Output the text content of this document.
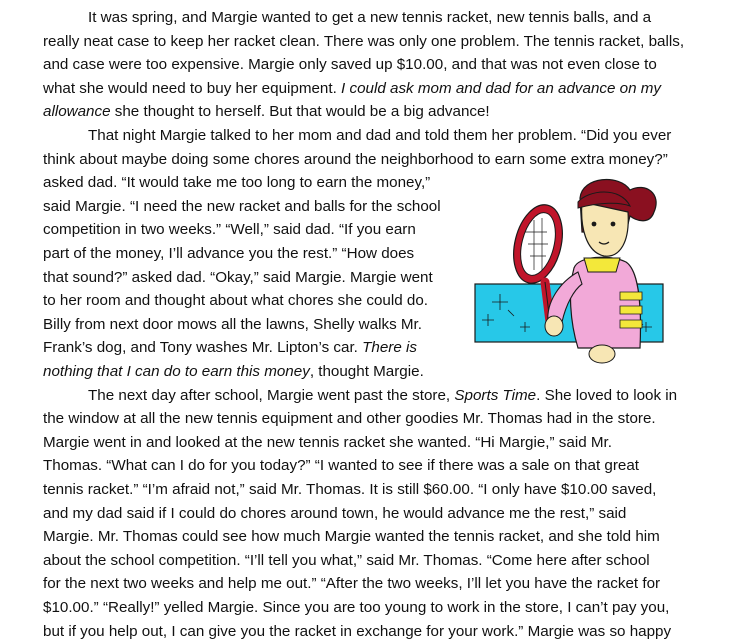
It was spring, and Margie wanted to get a new tennis racket, new tennis balls, and a
really neat case to keep her racket clean. There was only one problem. The tennis racket, balls,
and case were too expensive. Margie only saved up $10.00, and that was not even close to
what she would need to buy her equipment. I could ask mom and dad for an advance on my
allowance she thought to herself. But that would be a big advance!
That night Margie talked to her mom and dad and told them her problem. “Did you ever
think about maybe doing some chores around the neighborhood to earn some extra money?”
asked dad. “It would take me too long to earn the money,”
said Margie. “I need the new racket and balls for the school
competition in two weeks.” “Well,” said dad. “If you earn
part of the money, I’ll advance you the rest.” “How does
that sound?” asked dad. “Okay,” said Margie. Margie went
to her room and thought about what chores she could do.
Billy from next door mows all the lawns, Shelly walks Mr.
Frank’s dog, and Tony washes Mr. Lipton’s car. There is
nothing that I can do to earn this money, thought Margie.
The next day after school, Margie went past the store, Sports Time. She loved to look in
the window at all the new tennis equipment and other goodies Mr. Thomas had in the store.
Margie went in and looked at the new tennis racket she wanted. “Hi Margie,” said Mr.
Thomas. “What can I do for you today?” “I wanted to see if there was a sale on that great
tennis racket.” “I’m afraid not,” said Mr. Thomas. It is still $60.00. “I only have $10.00 saved,
and my dad said if I could do chores around town, he would advance me the rest,” said
Margie. Mr. Thomas could see how much Margie wanted the tennis racket, and she told him
about the school competition. “I’ll tell you what,” said Mr. Thomas. “Come here after school
for the next two weeks and help me out.” “After the two weeks, I’ll let you have the racket for
$10.00.” “Really!” yelled Margie. Since you are too young to work in the store, I can’t pay you,
but if you help out, I can give you the racket in exchange for your work.” Margie was so happy
